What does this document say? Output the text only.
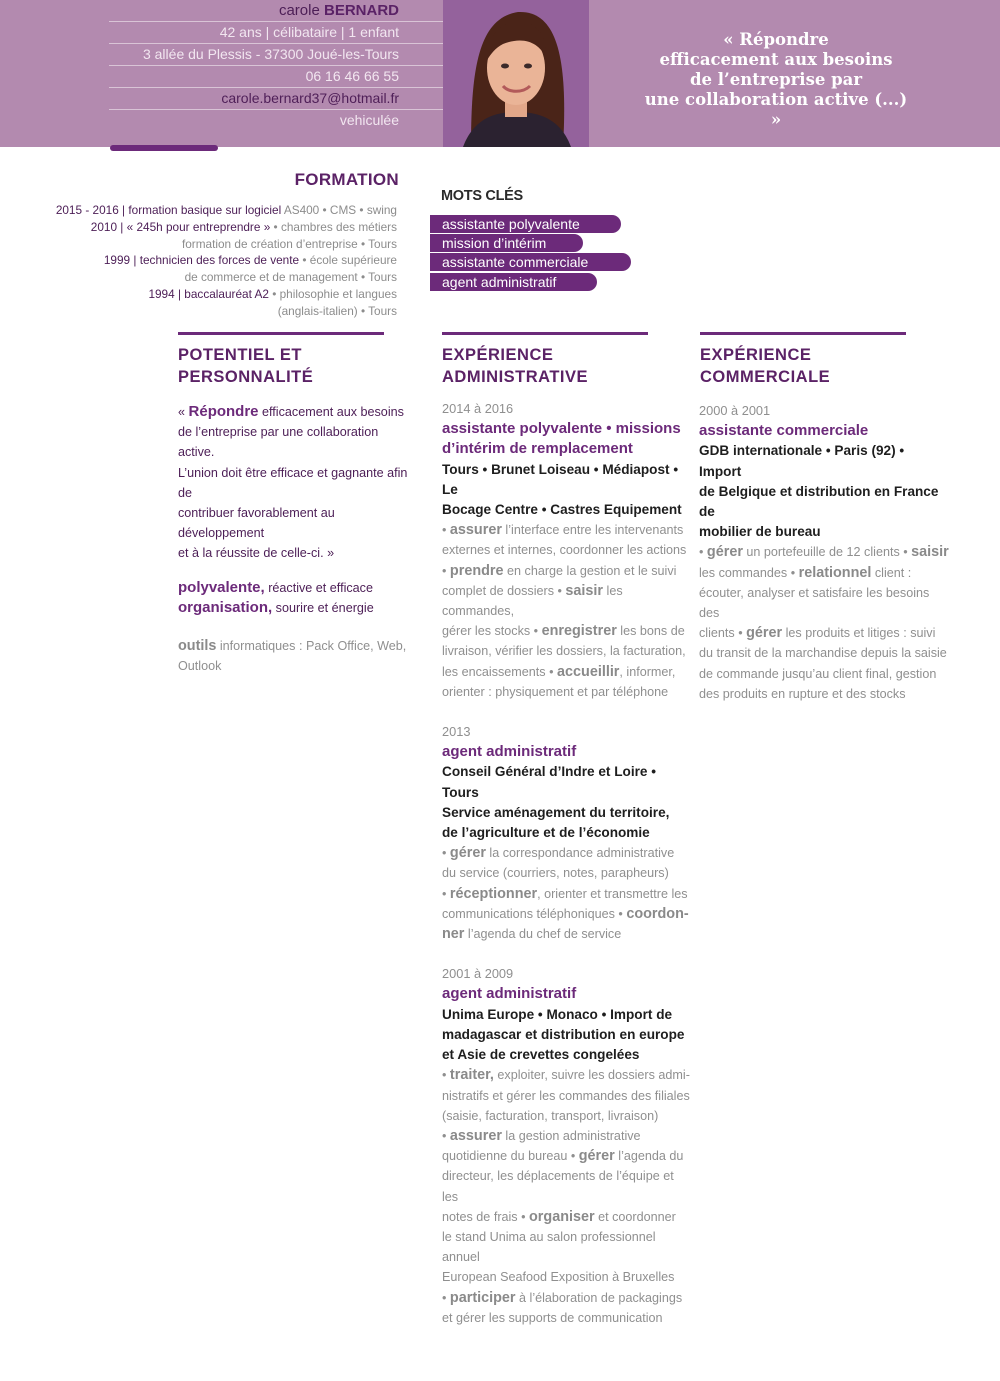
carole BERNARD
42 ans | célibataire | 1 enfant
3 allée du Plessis - 37300 Joué-les-Tours
06 16 46 66 55
carole.bernard37@hotmail.fr
vehiculée
« Répondre
efficacement aux besoins
de l’entreprise par
une collaboration active (...) »
FORMATION
2015 - 2016 | formation basique sur logiciel AS400 • CMS • swing
2010 | « 245h pour entreprendre » • chambres des métiers
formation de création d’entreprise • Tours
1999 | technicien des forces de vente • école supérieure
de commerce et de management • Tours
1994 | baccalauréat A2 • philosophie et langues
(anglais-italien) • Tours
MOTS CLÉS
assistante polyvalente
mission d’intérim
assistante commerciale
agent administratif
POTENTIEL ET
PERSONNALITÉ
EXPÉRIENCE
ADMINISTRATIVE
EXPÉRIENCE
COMMERCIALE
« Répondre efficacement aux besoins
de l’entreprise par une collaboration active.
L’union doit être efficace et gagnante afin de
contribuer favorablement au développement
et à la réussite de celle-ci. »
polyvalente, réactive et efficace
organisation, sourire et énergie
outils informatiques : Pack Office, Web,
Outlook
2014 à 2016
assistante polyvalente • missions
d’intérim de remplacement
Tours • Brunet Loiseau • Médiapost • Le
Bocage Centre • Castres Equipement
• assurer l’interface entre les intervenants
externes et internes, coordonner les actions
• prendre en charge la gestion et le suivi
complet de dossiers • saisir les commandes,
gérer les stocks • enregistrer les bons de
livraison, vérifier les dossiers, la facturation,
les encaissements • accueillir, informer,
orienter : physiquement et par téléphone
2013
agent administratif
Conseil Général d’Indre et Loire • Tours
Service aménagement du territoire,
de l’agriculture et de l’économie
• gérer la correspondance administrative
du service (courriers, notes, parapheurs)
• réceptionner, orienter et transmettre les
communications téléphoniques • coordon-
ner l’agenda du chef de service
2001 à 2009
agent administratif
Unima Europe • Monaco • Import de
madagascar et distribution en europe
et Asie de crevettes congelées
• traiter, exploiter, suivre les dossiers admi-
nistratifs et gérer les commandes des filiales
(saisie, facturation, transport, livraison)
• assurer la gestion administrative
quotidienne du bureau • gérer l’agenda du
directeur, les déplacements de l’équipe et les
notes de frais • organiser et coordonner
le stand Unima au salon professionnel annuel
European Seafood Exposition à Bruxelles
• participer à l’élaboration de packagings
et gérer les supports de communication
2000 à 2001
assistante commerciale
GDB internationale • Paris (92) • Import
de Belgique et distribution en France de
mobilier de bureau
• gérer un portefeuille de 12 clients • saisir
les commandes • relationnel client :
écouter, analyser et satisfaire les besoins des
clients • gérer les produits et litiges : suivi
du transit de la marchandise depuis la saisie
de commande jusqu’au client final, gestion
des produits en rupture et des stocks
